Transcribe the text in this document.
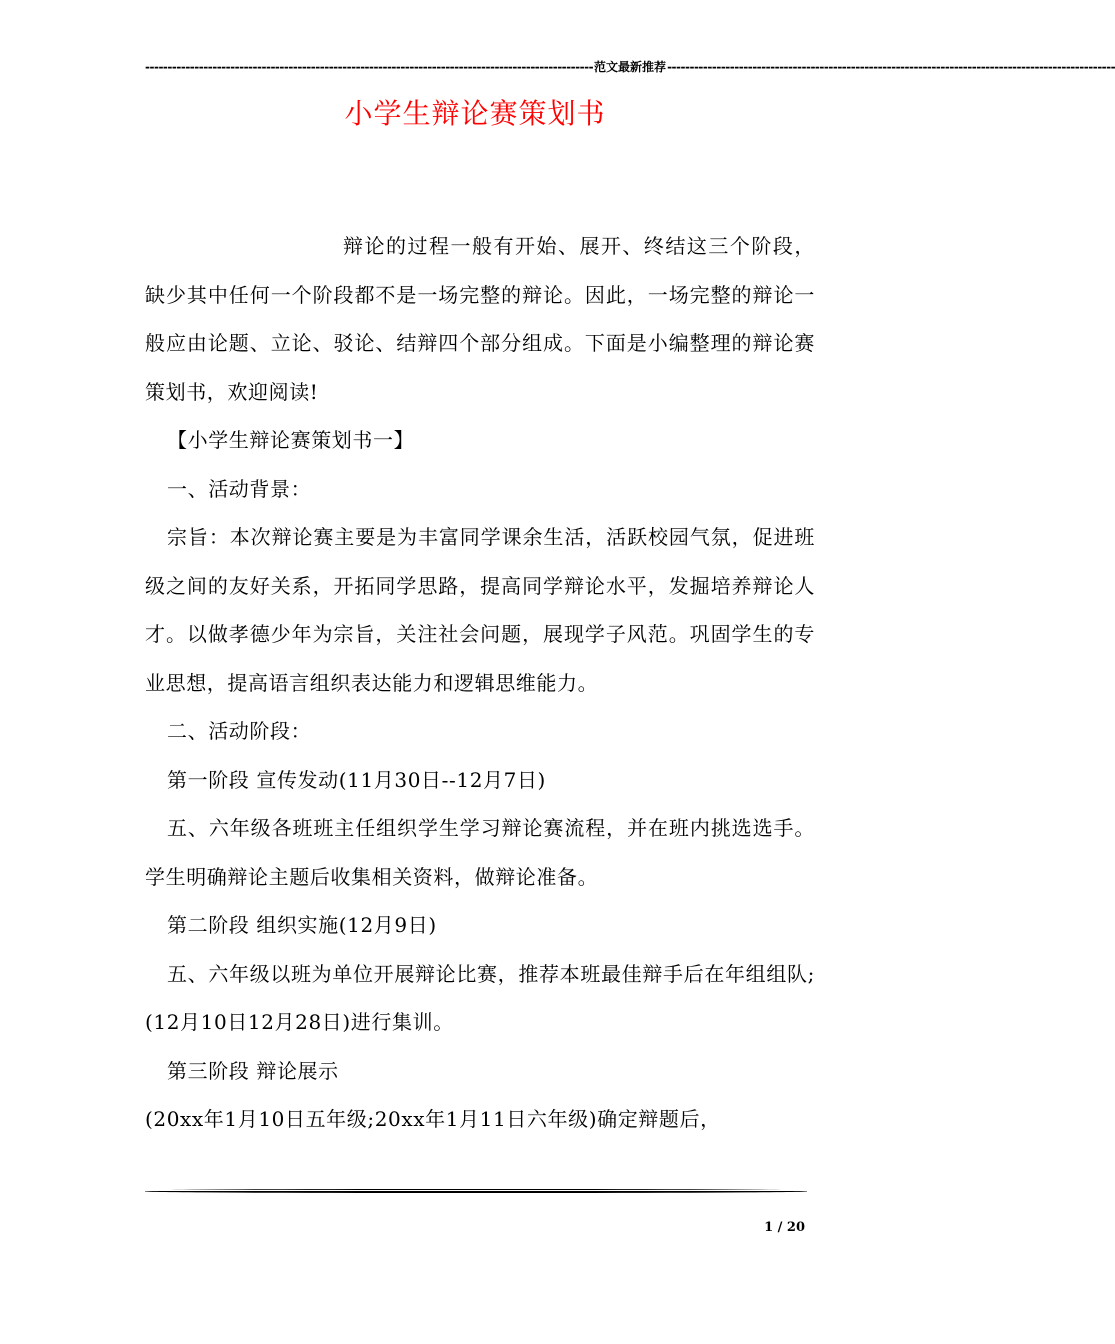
---------------------------------------------------------------------------------------------------- 范文最新推荐 ----------------------------------------------------------------------------------------------------
小学生辩论赛策划书

辩论的过程一般有开始、展开、终结这三个阶段，缺少其中任何一个阶段都不是一场完整的辩论。因此，一场完整的辩论一般应由论题、立论、驳论、结辩四个部分组成。下面是小编整理的辩论赛策划书，欢迎阅读!

【小学生辩论赛策划书一】

一、活动背景：

宗旨：本次辩论赛主要是为丰富同学课余生活，活跃校园气氛，促进班级之间的友好关系，开拓同学思路，提高同学辩论水平，发掘培养辩论人才。以做孝德少年为宗旨，关注社会问题，展现学子风范。巩固学生的专业思想，提高语言组织表达能力和逻辑思维能力。

二、活动阶段：

第一阶段 宣传发动(11月30日--12月7日)

五、六年级各班班主任组织学生学习辩论赛流程，并在班内挑选选手。学生明确辩论主题后收集相关资料，做辩论准备。

第二阶段 组织实施(12月9日)

五、六年级以班为单位开展辩论比赛，推荐本班最佳辩手后在年组组队;(12月10日12月28日)进行集训。

第三阶段 辩论展示

(20xx年1月10日五年级;20xx年1月11日六年级)确定辩题后，

1 / 20
